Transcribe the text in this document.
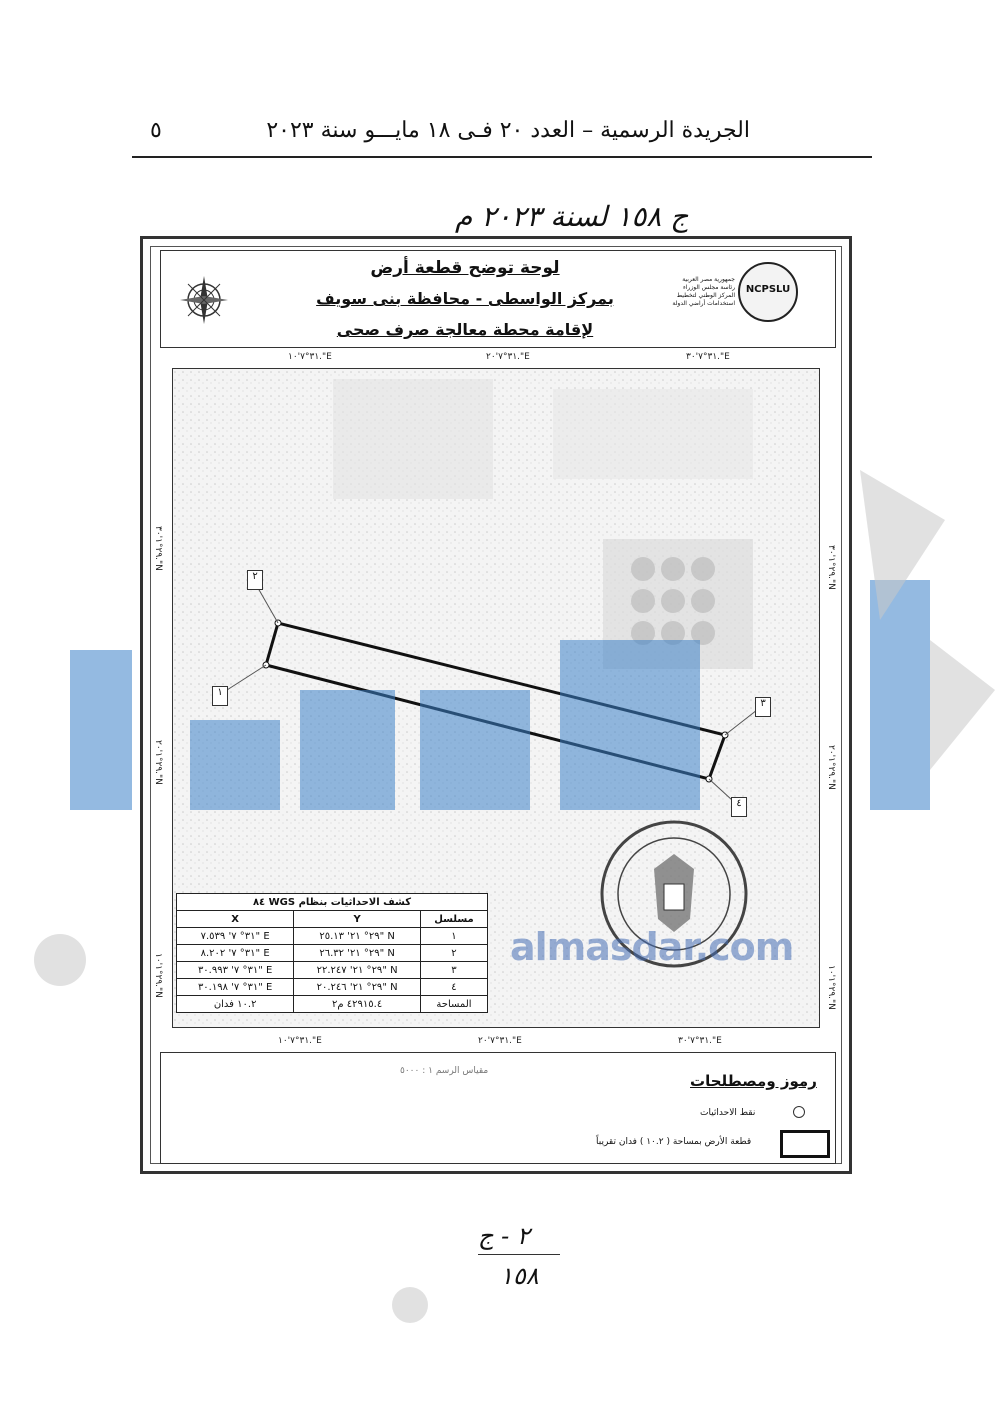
الجريدة الرسمية – العدد ٢٠ فـى ١٨ مايـــو سنة ٢٠٢٣
٥
ج ١٥٨ لسنة ٢٠٢٣ م
لوحة توضح قطعة أرض
بمركز الواسطى - محافظة بنى سويف
لإقامة محطة معالجة صرف صحى
جمهورية مصر العربية
رئاسة مجلس الوزراء
المركز الوطني لتخطيط
استخدامات أراضي الدولة
NCPSLU
٣١°٧'١٠."E	٣١°٧'٢٠."E	٣١°٧'٣٠."E
٢٩°١'٣٠."N
٢٩°١'٢٠."N
٢٩°١'١٠."N
٢٩°١'٣٠."N
٢٩°١'٢٠."N
٢٩°١'١٠."N
٢
١
٣
٤
كشف الاحداثيات بنظام WGS ٨٤		
مسلسل	Y	X
١	N "٢٩° ٢١' ٢٥.١٣	E "٣١° ٧' ٧.٥٣٩
٢	N "٢٩° ٢١' ٢٦.٣٢	E "٣١° ٧' ٨.٢٠٢
٣	N "٢٩° ٢١' ٢٢.٢٤٧	E "٣١° ٧' ٣٠.٩٩٣
٤	N "٢٩° ٢١' ٢٠.٢٤٦	E "٣١° ٧' ٣٠.١٩٨
المساحة	٤٢٩١٥.٤ م٢	١٠.٢ فدان
almasdar.com
٣١°٧'١٠."E	٣١°٧'٢٠."E	٣١°٧'٣٠."E
رموز ومصطلحات
مقياس الرسم ١ : ٥٠٠٠
نقط الاحداثيات
قطعة الأرض بمساحة ( ١٠.٢ ) فدان تقريباً
٢ - ج
١٥٨
